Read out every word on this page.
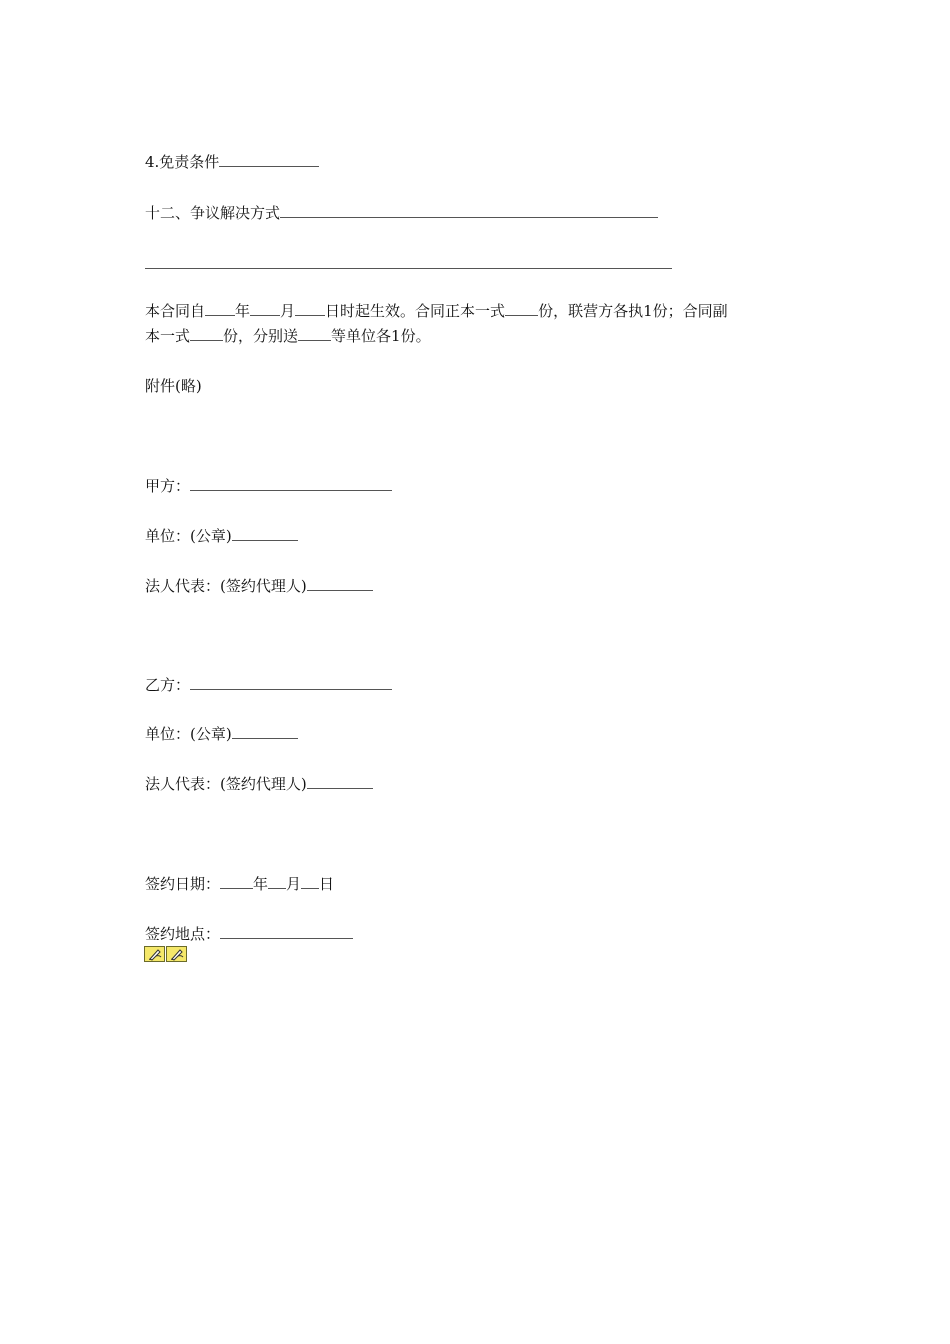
4.免责条件

十二、争议解决方式

本合同自 年 月 日时起生效。合同正本一式 份，联营方各执1份；合同副

本一式 份，分别送 等单位各1份。

附件(略)

甲方：

单位：(公章)

法人代表：(签约代理人)

乙方：

单位：(公章)

法人代表：(签约代理人)

签约日期： 年 月 日

签约地点：
